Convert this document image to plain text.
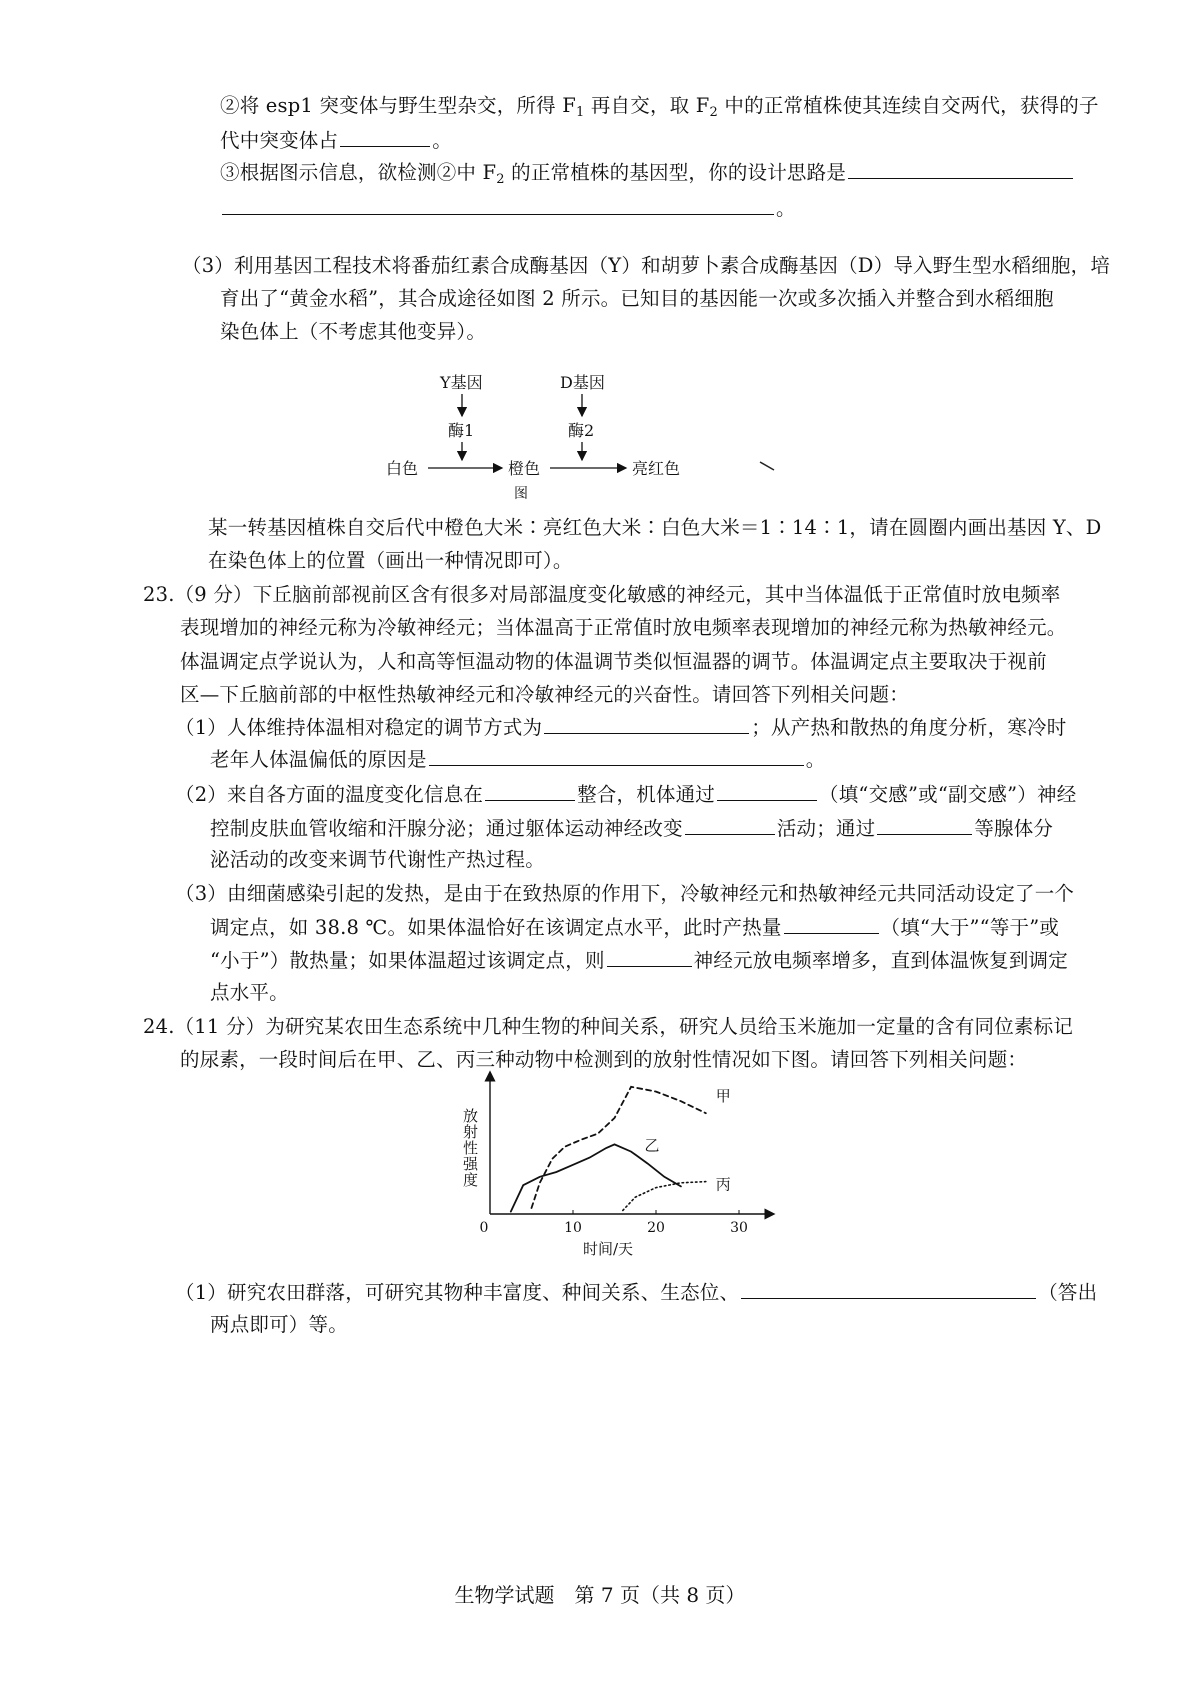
②将 esp1 突变体与野生型杂交，所得 $F_1$ 再自交，取 $F_2$ 中的正常植株使其连续自交两代，获得的子
代中突变体占	。
③根据图示信息，欲检测②中 $F_2$ 的正常植株的基因型，你的设计思路是
。
（3）利用基因工程技术将番茄红素合成酶基因（Y）和胡萝卜素合成酶基因（D）导入野生型水稻细胞，培
育出了“黄金水稻”，其合成途径如图 2 所示。已知目的基因能一次或多次插入并整合到水稻细胞
染色体上（不考虑其他变异）。
Y基因
酶1
D基因
酶2
白色	橙色	亮红色
图
某一转基因植株自交后代中橙色大米∶亮红色大米∶白色大米＝1∶14∶1，请在圆圈内画出基因 Y、D
在染色体上的位置（画出一种情况即可）。
23.（9 分）下丘脑前部视前区含有很多对局部温度变化敏感的神经元，其中当体温低于正常值时放电频率
表现增加的神经元称为冷敏神经元；当体温高于正常值时放电频率表现增加的神经元称为热敏神经元。
体温调定点学说认为，人和高等恒温动物的体温调节类似恒温器的调节。体温调定点主要取决于视前
区—下丘脑前部的中枢性热敏神经元和冷敏神经元的兴奋性。请回答下列相关问题：
（1）人体维持体温相对稳定的调节方式为	；从产热和散热的角度分析，寒冷时
老年人体温偏低的原因是	。
（2）来自各方面的温度变化信息在	整合，机体通过	（填“交感”或“副交感”）神经
控制皮肤血管收缩和汗腺分泌；通过躯体运动神经改变	活动；通过	等腺体分
泌活动的改变来调节代谢性产热过程。
（3）由细菌感染引起的发热，是由于在致热原的作用下，冷敏神经元和热敏神经元共同活动设定了一个
调定点，如 38.8 ℃。如果体温恰好在该调定点水平，此时产热量	（填“大于”“等于”或
“小于”）散热量；如果体温超过该调定点，则	神经元放电频率增多，直到体温恢复到调定
点水平。
24.（11 分）为研究某农田生态系统中几种生物的种间关系，研究人员给玉米施加一定量的含有同位素标记
的尿素，一段时间后在甲、乙、丙三种动物中检测到的放射性情况如下图。请回答下列相关问题：
放射性强度
时间/天
0	10	20	30
甲
乙
丙
（1）研究农田群落，可研究其物种丰富度、种间关系、生态位、	（答出
两点即可）等。
生物学试题　第 7 页（共 8 页）
